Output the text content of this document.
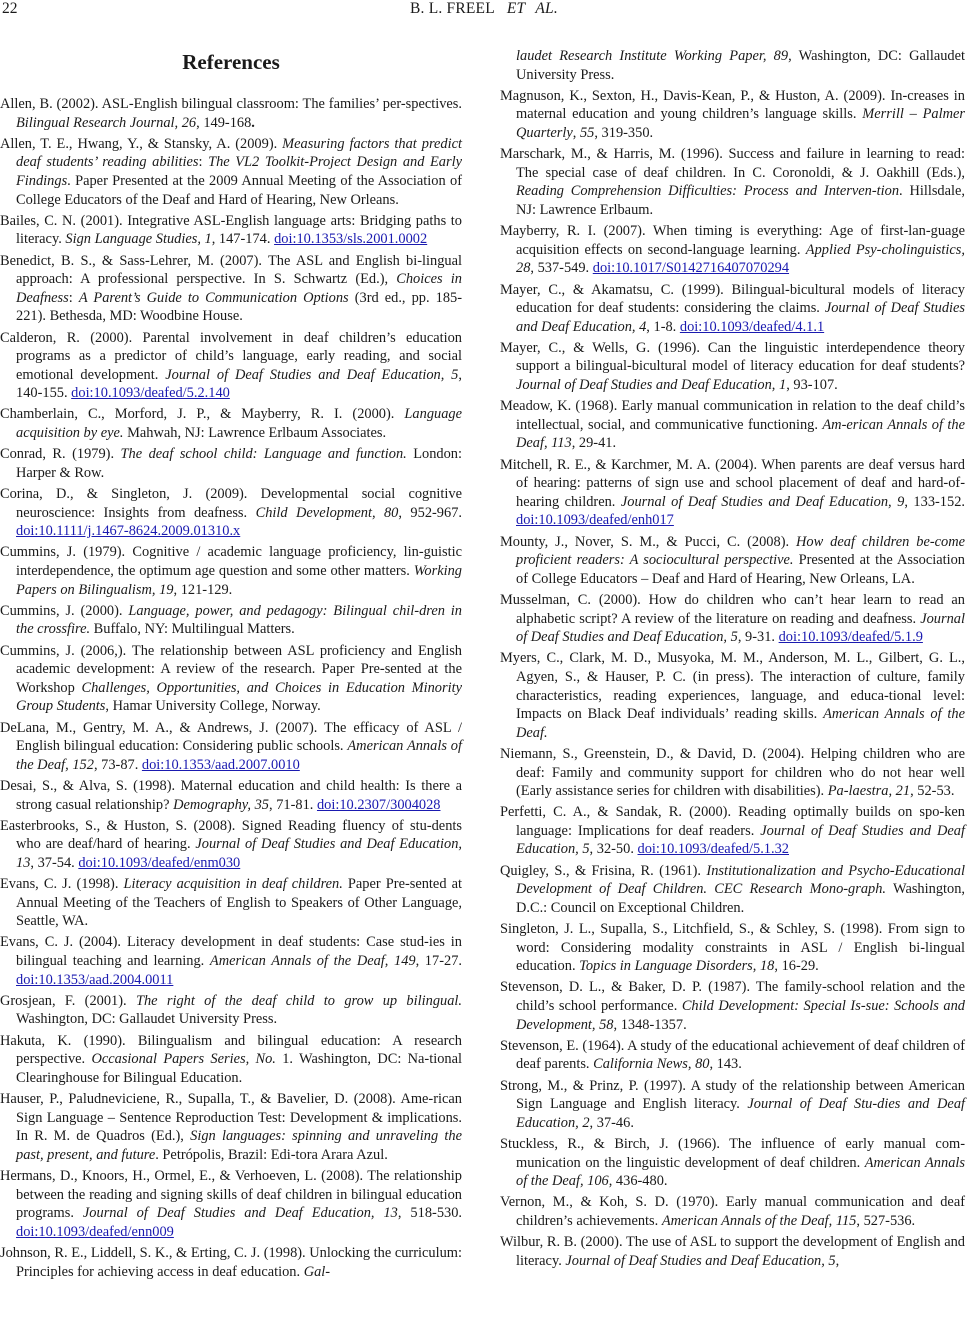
22	B. L. FREEL ET AL.
References

Allen, B. (2002). ASL-English bilingual classroom: The families’ per-spectives. Bilingual Research Journal, 26, 149-168.

Allen, T. E., Hwang, Y., & Stansky, A. (2009). Measuring factors that predict deaf students’ reading abilities: The VL2 Toolkit-Project Design and Early Findings. Paper Presented at the 2009 Annual Meeting of the Association of College Educators of the Deaf and Hard of Hearing, New Orleans.

Bailes, C. N. (2001). Integrative ASL-English language arts: Bridging paths to literacy. Sign Language Studies, 1, 147-174. doi:10.1353/sls.2001.0002

Benedict, B. S., & Sass-Lehrer, M. (2007). The ASL and English bi-lingual approach: A professional perspective. In S. Schwartz (Ed.), Choices in Deafness: A Parent’s Guide to Communication Options (3rd ed., pp. 185-221). Bethesda, MD: Woodbine House.

Calderon, R. (2000). Parental involvement in deaf children’s education programs as a predictor of child’s language, early reading, and social emotional development. Journal of Deaf Studies and Deaf Education, 5, 140-155. doi:10.1093/deafed/5.2.140

Chamberlain, C., Morford, J. P., & Mayberry, R. I. (2000). Language acquisition by eye. Mahwah, NJ: Lawrence Erlbaum Associates.

Conrad, R. (1979). The deaf school child: Language and function. London: Harper & Row.

Corina, D., & Singleton, J. (2009). Developmental social cognitive neuroscience: Insights from deafness. Child Development, 80, 952-967. doi:10.1111/j.1467-8624.2009.01310.x

Cummins, J. (1979). Cognitive / academic language proficiency, lin-guistic interdependence, the optimum age question and some other matters. Working Papers on Bilingualism, 19, 121-129.

Cummins, J. (2000). Language, power, and pedagogy: Bilingual chil-dren in the crossfire. Buffalo, NY: Multilingual Matters.

Cummins, J. (2006,). The relationship between ASL proficiency and English academic development: A review of the research. Paper Pre-sented at the Workshop Challenges, Opportunities, and Choices in Education Minority Group Students, Hamar University College, Norway.

DeLana, M., Gentry, M. A., & Andrews, J. (2007). The efficacy of ASL / English bilingual education: Considering public schools. American Annals of the Deaf, 152, 73-87. doi:10.1353/aad.2007.0010

Desai, S., & Alva, S. (1998). Maternal education and child health: Is there a strong casual relationship? Demography, 35, 71-81. doi:10.2307/3004028

Easterbrooks, S., & Huston, S. (2008). Signed Reading fluency of stu-dents who are deaf/hard of hearing. Journal of Deaf Studies and Deaf Education, 13, 37-54. doi:10.1093/deafed/enm030

Evans, C. J. (1998). Literacy acquisition in deaf children. Paper Pre-sented at Annual Meeting of the Teachers of English to Speakers of Other Language, Seattle, WA.

Evans, C. J. (2004). Literacy development in deaf students: Case stud-ies in bilingual teaching and learning. American Annals of the Deaf, 149, 17-27. doi:10.1353/aad.2004.0011

Grosjean, F. (2001). The right of the deaf child to grow up bilingual. Washington, DC: Gallaudet University Press.

Hakuta, K. (1990). Bilingualism and bilingual education: A research perspective. Occasional Papers Series, No. 1. Washington, DC: Na-tional Clearinghouse for Bilingual Education.

Hauser, P., Paludneviciene, R., Supalla, T., & Bavelier, D. (2008). Ame-rican Sign Language – Sentence Reproduction Test: Development & implications. In R. M. de Quadros (Ed.), Sign languages: spinning and unraveling the past, present, and future. Petrópolis, Brazil: Edi-tora Arara Azul.

Hermans, D., Knoors, H., Ormel, E., & Verhoeven, L. (2008). The relationship between the reading and signing skills of deaf children in bilingual education programs. Journal of Deaf Studies and Deaf Education, 13, 518-530. doi:10.1093/deafed/enn009

Johnson, R. E., Liddell, S. K., & Erting, C. J. (1998). Unlocking the curriculum: Principles for achieving access in deaf education. Gal-

laudet Research Institute Working Paper, 89, Washington, DC: Gallaudet University Press.

Magnuson, K., Sexton, H., Davis-Kean, P., & Huston, A. (2009). In-creases in maternal education and young children’s language skills. Merrill – Palmer Quarterly, 55, 319-350.

Marschark, M., & Harris, M. (1996). Success and failure in learning to read: The special case of deaf children. In C. Coronoldi, & J. Oakhill (Eds.), Reading Comprehension Difficulties: Process and Interven-tion. Hillsdale, NJ: Lawrence Erlbaum.

Mayberry, R. I. (2007). When timing is everything: Age of first-lan-guage acquisition effects on second-language learning. Applied Psy-cholinguistics, 28, 537-549. doi:10.1017/S0142716407070294

Mayer, C., & Akamatsu, C. (1999). Bilingual-bicultural models of literacy education for deaf students: considering the claims. Journal of Deaf Studies and Deaf Education, 4, 1-8. doi:10.1093/deafed/4.1.1

Mayer, C., & Wells, G. (1996). Can the linguistic interdependence theory support a bilingual-bicultural model of literacy education for deaf students? Journal of Deaf Studies and Deaf Education, 1, 93-107.

Meadow, K. (1968). Early manual communication in relation to the deaf child’s intellectual, social, and communicative functioning. Am-erican Annals of the Deaf, 113, 29-41.

Mitchell, R. E., & Karchmer, M. A. (2004). When parents are deaf versus hard of hearing: patterns of sign use and school placement of deaf and hard-of-hearing children. Journal of Deaf Studies and Deaf Education, 9, 133-152. doi:10.1093/deafed/enh017

Mounty, J., Nover, S. M., & Pucci, C. (2008). How deaf children be-come proficient readers: A sociocultural perspective. Presented at the Association of College Educators – Deaf and Hard of Hearing, New Orleans, LA.

Musselman, C. (2000). How do children who can’t hear learn to read an alphabetic script? A review of the literature on reading and deafness. Journal of Deaf Studies and Deaf Education, 5, 9-31. doi:10.1093/deafed/5.1.9

Myers, C., Clark, M. D., Musyoka, M. M., Anderson, M. L., Gilbert, G. L., Agyen, S., & Hauser, P. C. (in press). The interaction of culture, family characteristics, reading experiences, language, and educa-tional level: Impacts on Black Deaf individuals’ reading skills. American Annals of the Deaf.

Niemann, S., Greenstein, D., & David, D. (2004). Helping children who are deaf: Family and community support for children who do not hear well (Early assistance series for children with disabilities). Pa-laestra, 21, 52-53.

Perfetti, C. A., & Sandak, R. (2000). Reading optimally builds on spo-ken language: Implications for deaf readers. Journal of Deaf Studies and Deaf Education, 5, 32-50. doi:10.1093/deafed/5.1.32

Quigley, S., & Frisina, R. (1961). Institutionalization and Psycho-Educational Development of Deaf Children. CEC Research Mono-graph. Washington, D.C.: Council on Exceptional Children.

Singleton, J. L., Supalla, S., Litchfield, S., & Schley, S. (1998). From sign to word: Considering modality constraints in ASL / English bi-lingual education. Topics in Language Disorders, 18, 16-29.

Stevenson, D. L., & Baker, D. P. (1987). The family-school relation and the child’s school performance. Child Development: Special Is-sue: Schools and Development, 58, 1348-1357.

Stevenson, E. (1964). A study of the educational achievement of deaf children of deaf parents. California News, 80, 143.

Strong, M., & Prinz, P. (1997). A study of the relationship between American Sign Language and English literacy. Journal of Deaf Stu-dies and Deaf Education, 2, 37-46.

Stuckless, R., & Birch, J. (1966). The influence of early manual com-munication on the linguistic development of deaf children. American Annals of the Deaf, 106, 436-480.

Vernon, M., & Koh, S. D. (1970). Early manual communication and deaf children’s achievements. American Annals of the Deaf, 115, 527-536.

Wilbur, R. B. (2000). The use of ASL to support the development of English and literacy. Journal of Deaf Studies and Deaf Education, 5,
